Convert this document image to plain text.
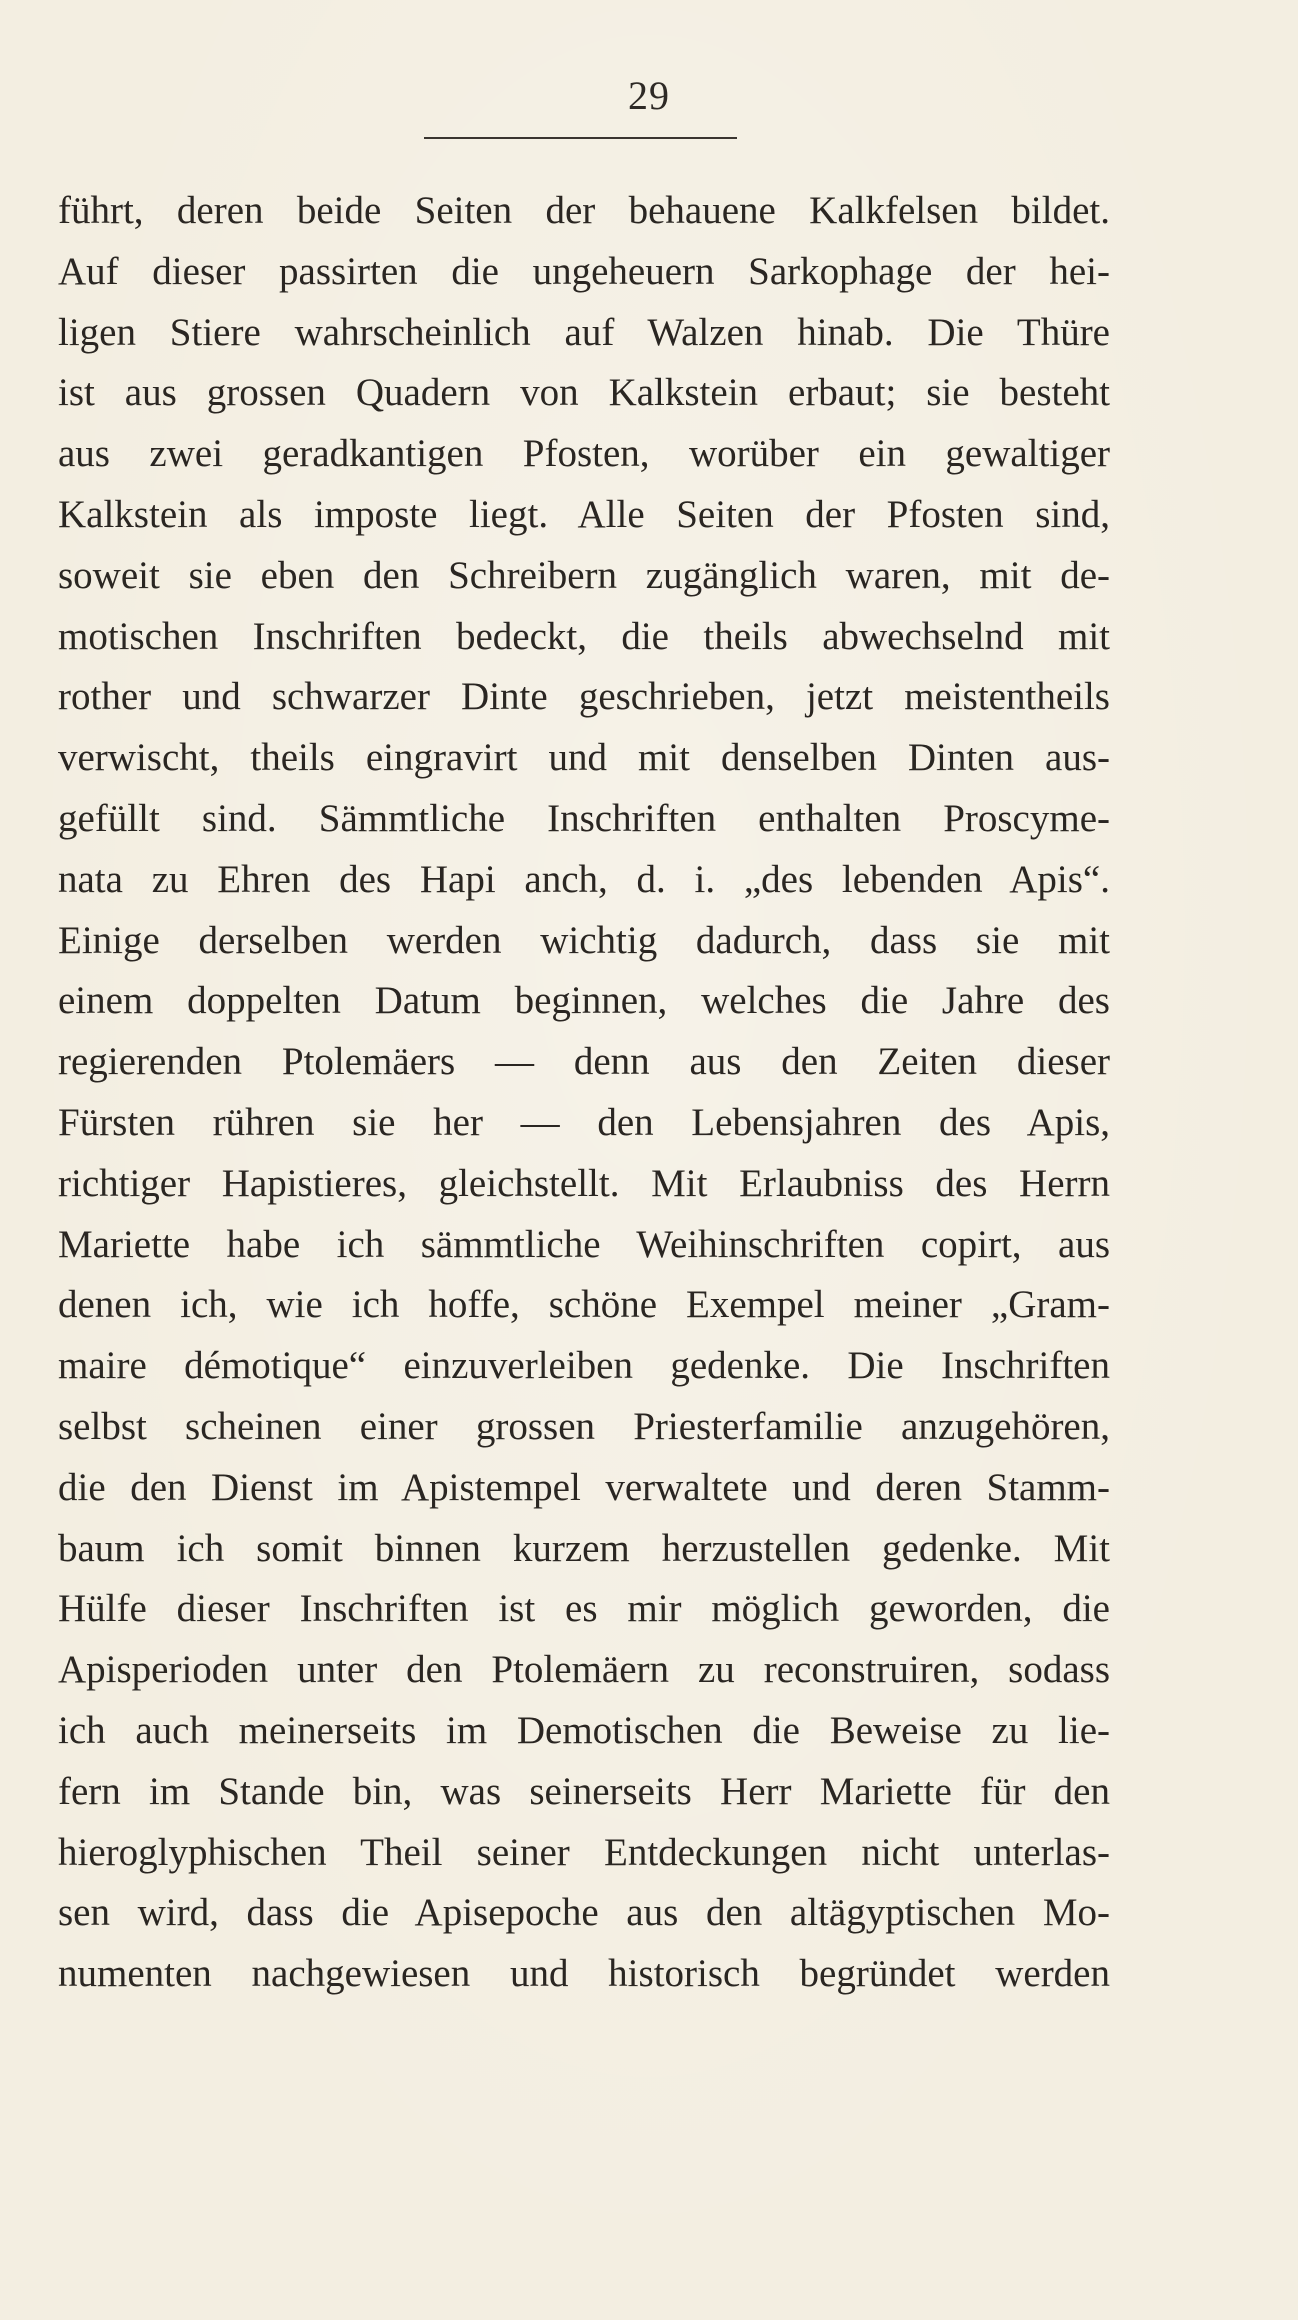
29
führt, deren beide Seiten der behauene Kalkfelsen bildet.
Auf dieser passirten die ungeheuern Sarkophage der hei-
ligen Stiere wahrscheinlich auf Walzen hinab. Die Thüre
ist aus grossen Quadern von Kalkstein erbaut; sie besteht
aus zwei geradkantigen Pfosten, worüber ein gewaltiger
Kalkstein als imposte liegt. Alle Seiten der Pfosten sind,
soweit sie eben den Schreibern zugänglich waren, mit de-
motischen Inschriften bedeckt, die theils abwechselnd mit
rother und schwarzer Dinte geschrieben, jetzt meistentheils
verwischt, theils eingravirt und mit denselben Dinten aus-
gefüllt sind. Sämmtliche Inschriften enthalten Proscyme-
nata zu Ehren des Hapi anch, d. i. „des lebenden Apis“.
Einige derselben werden wichtig dadurch, dass sie mit
einem doppelten Datum beginnen, welches die Jahre des
regierenden Ptolemäers — denn aus den Zeiten dieser
Fürsten rühren sie her — den Lebensjahren des Apis,
richtiger Hapistieres, gleichstellt. Mit Erlaubniss des Herrn
Mariette habe ich sämmtliche Weihinschriften copirt, aus
denen ich, wie ich hoffe, schöne Exempel meiner „Gram-
maire démotique“ einzuverleiben gedenke. Die Inschriften
selbst scheinen einer grossen Priesterfamilie anzugehören,
die den Dienst im Apistempel verwaltete und deren Stamm-
baum ich somit binnen kurzem herzustellen gedenke. Mit
Hülfe dieser Inschriften ist es mir möglich geworden, die
Apisperioden unter den Ptolemäern zu reconstruiren, sodass
ich auch meinerseits im Demotischen die Beweise zu lie-
fern im Stande bin, was seinerseits Herr Mariette für den
hieroglyphischen Theil seiner Entdeckungen nicht unterlas-
sen wird, dass die Apisepoche aus den altägyptischen Mo-
numenten nachgewiesen und historisch begründet werden
